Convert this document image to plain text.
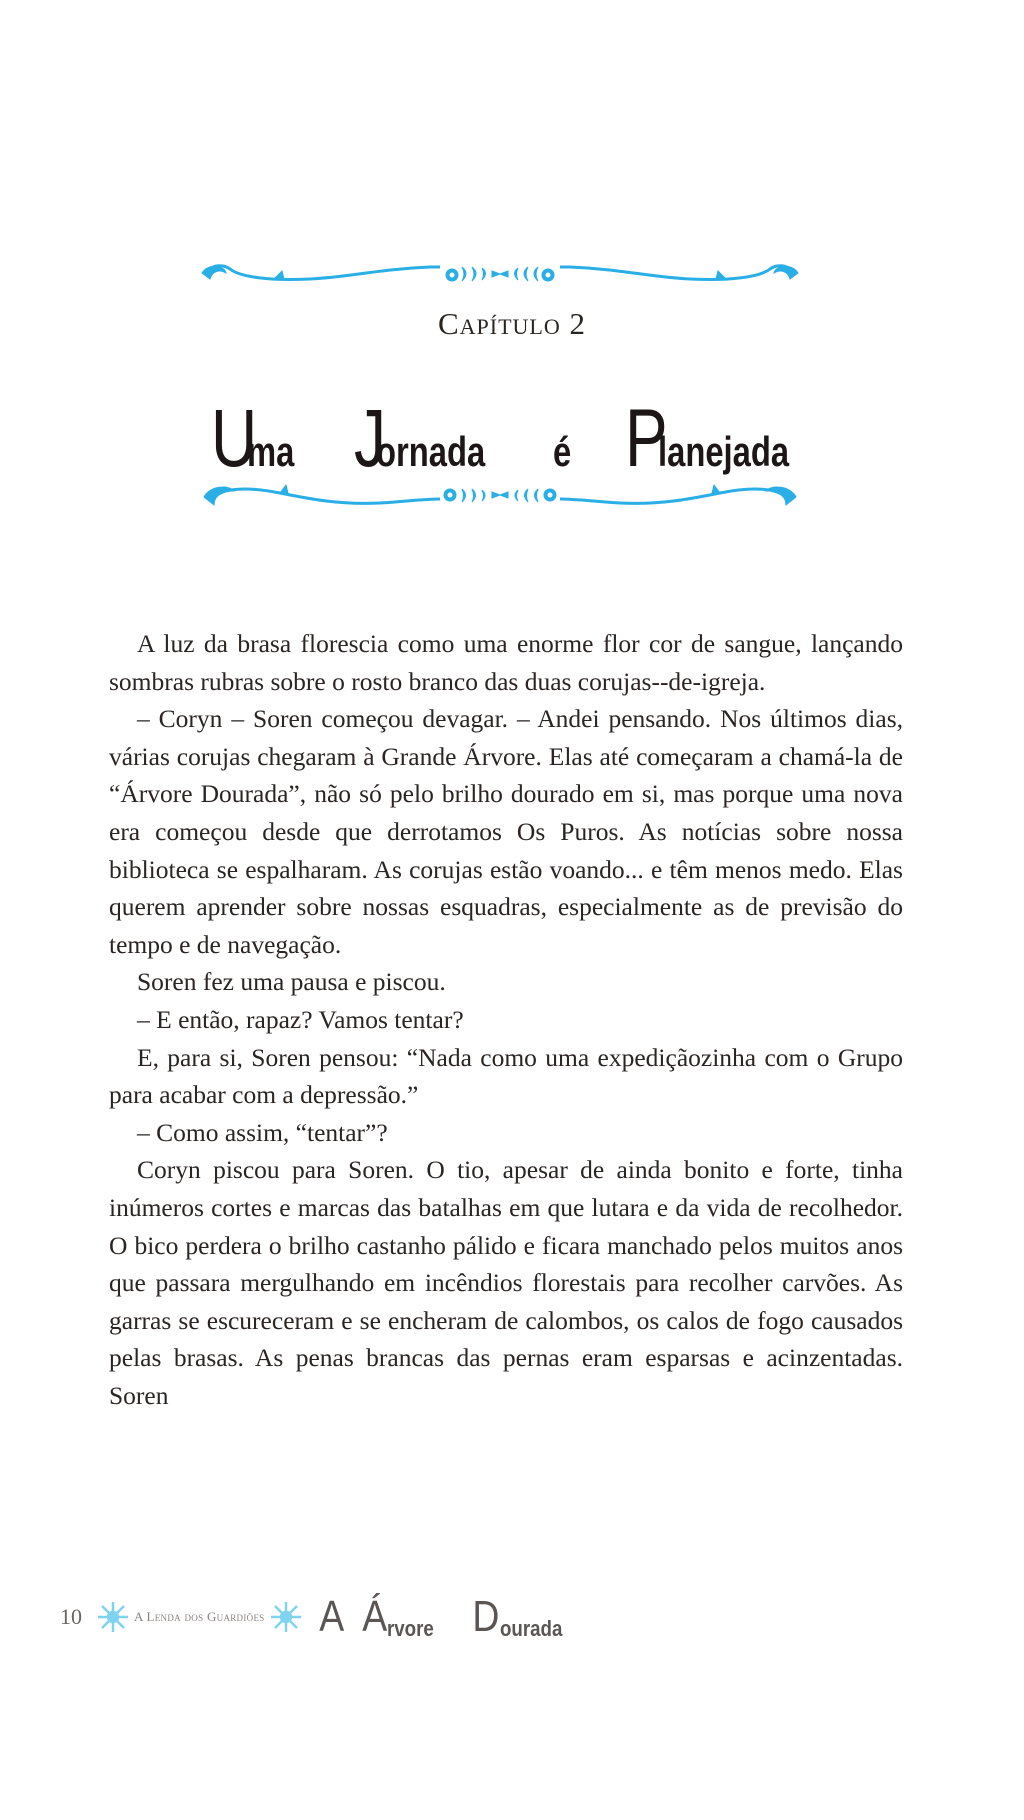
Capítulo 2
Uma Jornada é Planejada

A luz da brasa florescia como uma enorme flor cor de sangue, lançando sombras rubras sobre o rosto branco das duas corujas--de-igreja.

– Coryn – Soren começou devagar. – Andei pensando. Nos últimos dias, várias corujas chegaram à Grande Árvore. Elas até começaram a chamá-la de “Árvore Dourada”, não só pelo brilho dourado em si, mas porque uma nova era começou desde que derrotamos Os Puros. As notícias sobre nossa biblioteca se espalharam. As corujas estão voando... e têm menos medo. Elas querem aprender sobre nossas esquadras, especialmente as de previsão do tempo e de navegação.

Soren fez uma pausa e piscou.

– E então, rapaz? Vamos tentar?

E, para si, Soren pensou: “Nada como uma expediçãozinha com o Grupo para acabar com a depressão.”

– Como assim, “tentar”?

Coryn piscou para Soren. O tio, apesar de ainda bonito e forte, tinha inúmeros cortes e marcas das batalhas em que lutara e da vida de recolhedor. O bico perdera o brilho castanho pálido e ficara manchado pelos muitos anos que passara mergulhando em incêndios florestais para recolher carvões. As garras se escureceram e se encheram de calombos, os calos de fogo causados pelas brasas. As penas brancas das pernas eram esparsas e acinzentadas. Soren

10	A Lenda dos Guardiões A Á rvore D ourada
